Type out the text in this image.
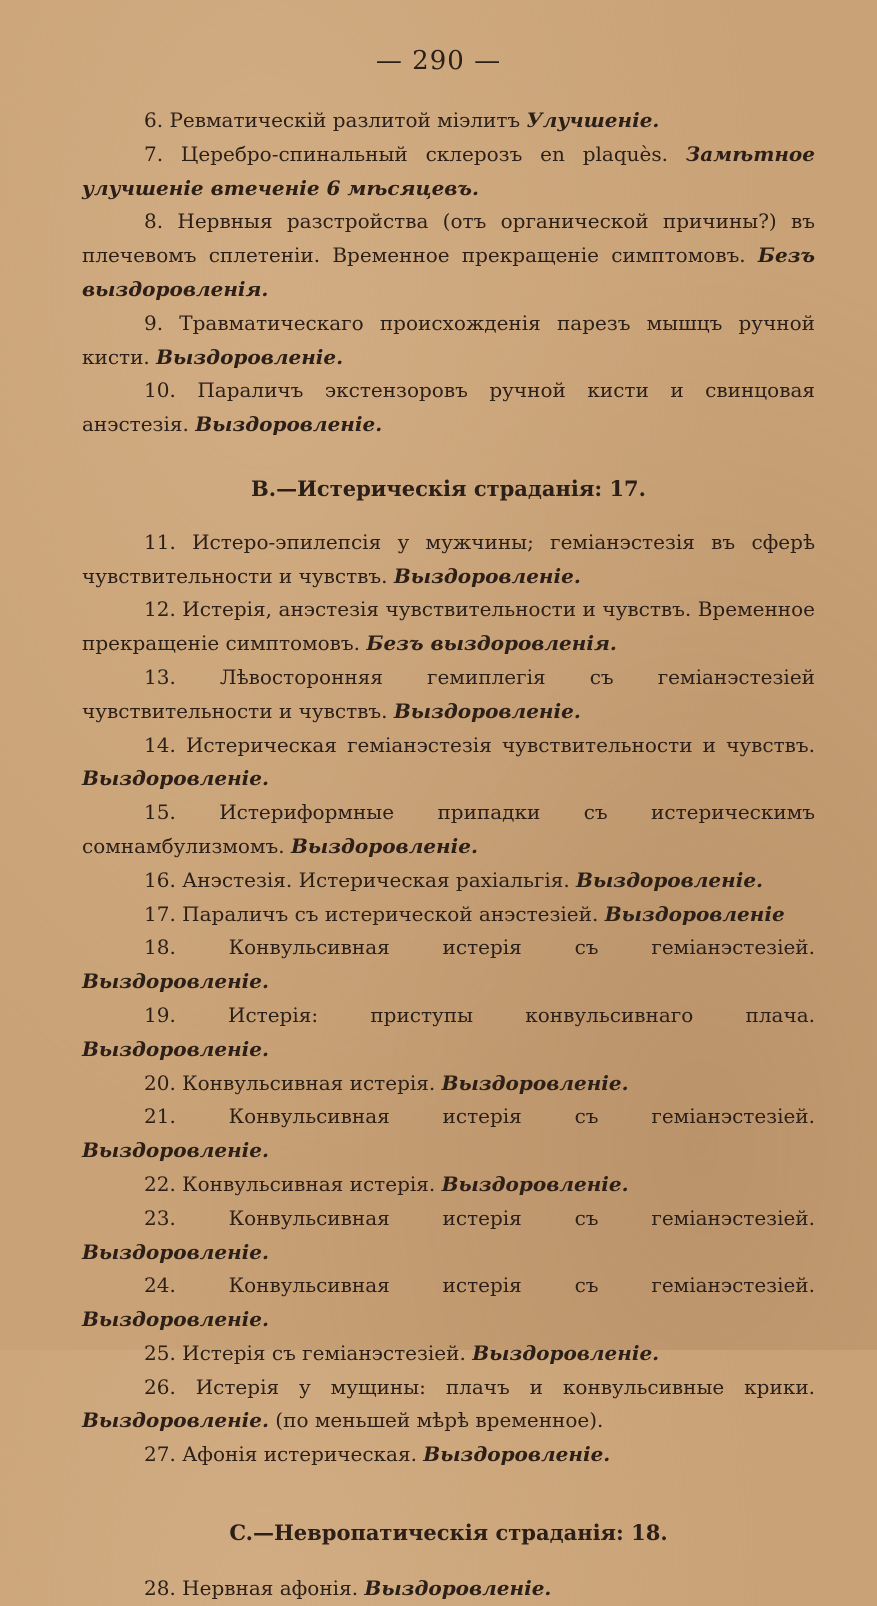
— 290 —

6. Ревматическій разлитой міэлитъ Улучшеніе.

7. Церебро-спинальный склерозъ en plaquès. Замѣтное улучшеніе втеченіе 6 мѣсяцевъ.

8. Нервныя разстройства (отъ органической причины?) въ плечевомъ сплетеніи. Временное прекращеніе симптомовъ. Безъ выздоровленія.

9. Травматическаго происхожденія парезъ мышцъ ручной кисти. Выздоровленіе.

10. Параличъ экстензоровъ ручной кисти и свинцовая анэстезія. Выздоровленіе.

B.—Истерическія страданія: 17.

11. Истеро-эпилепсія у мужчины; геміанэстезія въ сферѣ чувствительности и чувствъ. Выздоровленіе.

12. Истерія, анэстезія чувствительности и чувствъ. Временное прекращеніе симптомовъ. Безъ выздоровленія.

13. Лѣвосторонняя гемиплегія съ геміанэстезіей чувствительности и чувствъ. Выздоровленіе.

14. Истерическая геміанэстезія чувствительности и чувствъ. Выздоровленіе.

15. Истериформные припадки съ истерическимъ сомнамбулизмомъ. Выздоровленіе.

16. Анэстезія. Истерическая рахіальгія. Выздоровленіе.

17. Параличъ съ истерической анэстезіей. Выздоровленіе

18. Конвульсивная истерія съ геміанэстезіей. Выздоровленіе.

19. Истерія: приступы конвульсивнаго плача. Выздоровленіе.

20. Конвульсивная истерія. Выздоровленіе.

21. Конвульсивная истерія съ геміанэстезіей. Выздоровленіе.

22. Конвульсивная истерія. Выздоровленіе.

23. Конвульсивная истерія съ геміанэстезіей. Выздоровленіе.

24. Конвульсивная истерія съ геміанэстезіей. Выздоровленіе.

25. Истерія съ геміанэстезіей. Выздоровленіе.

26. Истерія у мущины: плачъ и конвульсивные крики. Выздоровленіе. (по меньшей мѣрѣ временное).

27. Афонія истерическая. Выздоровленіе.

C.—Невропатическія страданія: 18.

28. Нервная афонія. Выздоровленіе.
